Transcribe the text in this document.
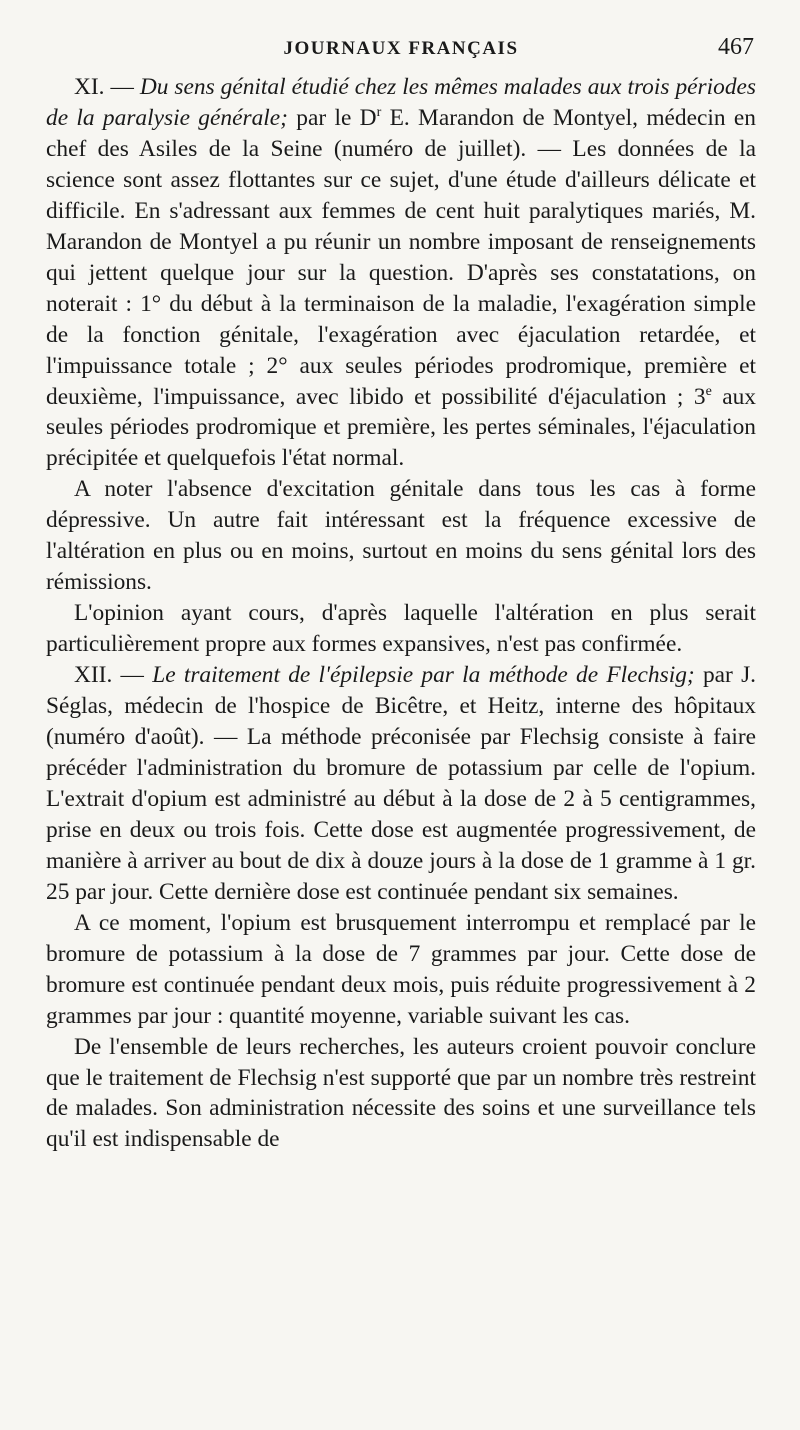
JOURNAUX FRANÇAIS	467

XI. — Du sens génital étudié chez les mêmes malades aux trois périodes de la paralysie générale; par le $D^r$ E. Marandon de Montyel, médecin en chef des Asiles de la Seine (numéro de juillet). — Les données de la science sont assez flottantes sur ce sujet, d'une étude d'ailleurs délicate et difficile. En s'adressant aux femmes de cent huit paralytiques mariés, M. Marandon de Montyel a pu réunir un nombre imposant de renseignements qui jettent quelque jour sur la question. D'après ses constatations, on noterait : 1° du début à la terminaison de la maladie, l'exagération simple de la fonction génitale, l'exagération avec éjaculation retardée, et l'impuissance totale ; 2° aux seules périodes prodromique, première et deuxième, l'impuissance, avec libido et possibilité d'éjaculation ; 3e aux seules périodes prodromique et première, les pertes séminales, l'éjaculation précipitée et quelquefois l'état normal.

A noter l'absence d'excitation génitale dans tous les cas à forme dépressive. Un autre fait intéressant est la fréquence excessive de l'altération en plus ou en moins, surtout en moins du sens génital lors des rémissions.

L'opinion ayant cours, d'après laquelle l'altération en plus serait particulièrement propre aux formes expansives, n'est pas confirmée.

XII. — Le traitement de l'épilepsie par la méthode de Flechsig; par J. Séglas, médecin de l'hospice de Bicêtre, et Heitz, interne des hôpitaux (numéro d'août). — La méthode préconisée par Flechsig consiste à faire précéder l'administration du bromure de potassium par celle de l'opium. L'extrait d'opium est administré au début à la dose de 2 à 5 centigrammes, prise en deux ou trois fois. Cette dose est augmentée progressivement, de manière à arriver au bout de dix à douze jours à la dose de 1 gramme à 1 gr. 25 par jour. Cette dernière dose est continuée pendant six semaines.

A ce moment, l'opium est brusquement interrompu et remplacé par le bromure de potassium à la dose de 7 grammes par jour. Cette dose de bromure est continuée pendant deux mois, puis réduite progressivement à 2 grammes par jour : quantité moyenne, variable suivant les cas.

De l'ensemble de leurs recherches, les auteurs croient pouvoir conclure que le traitement de Flechsig n'est supporté que par un nombre très restreint de malades. Son administration nécessite des soins et une surveillance tels qu'il est indispensable de
